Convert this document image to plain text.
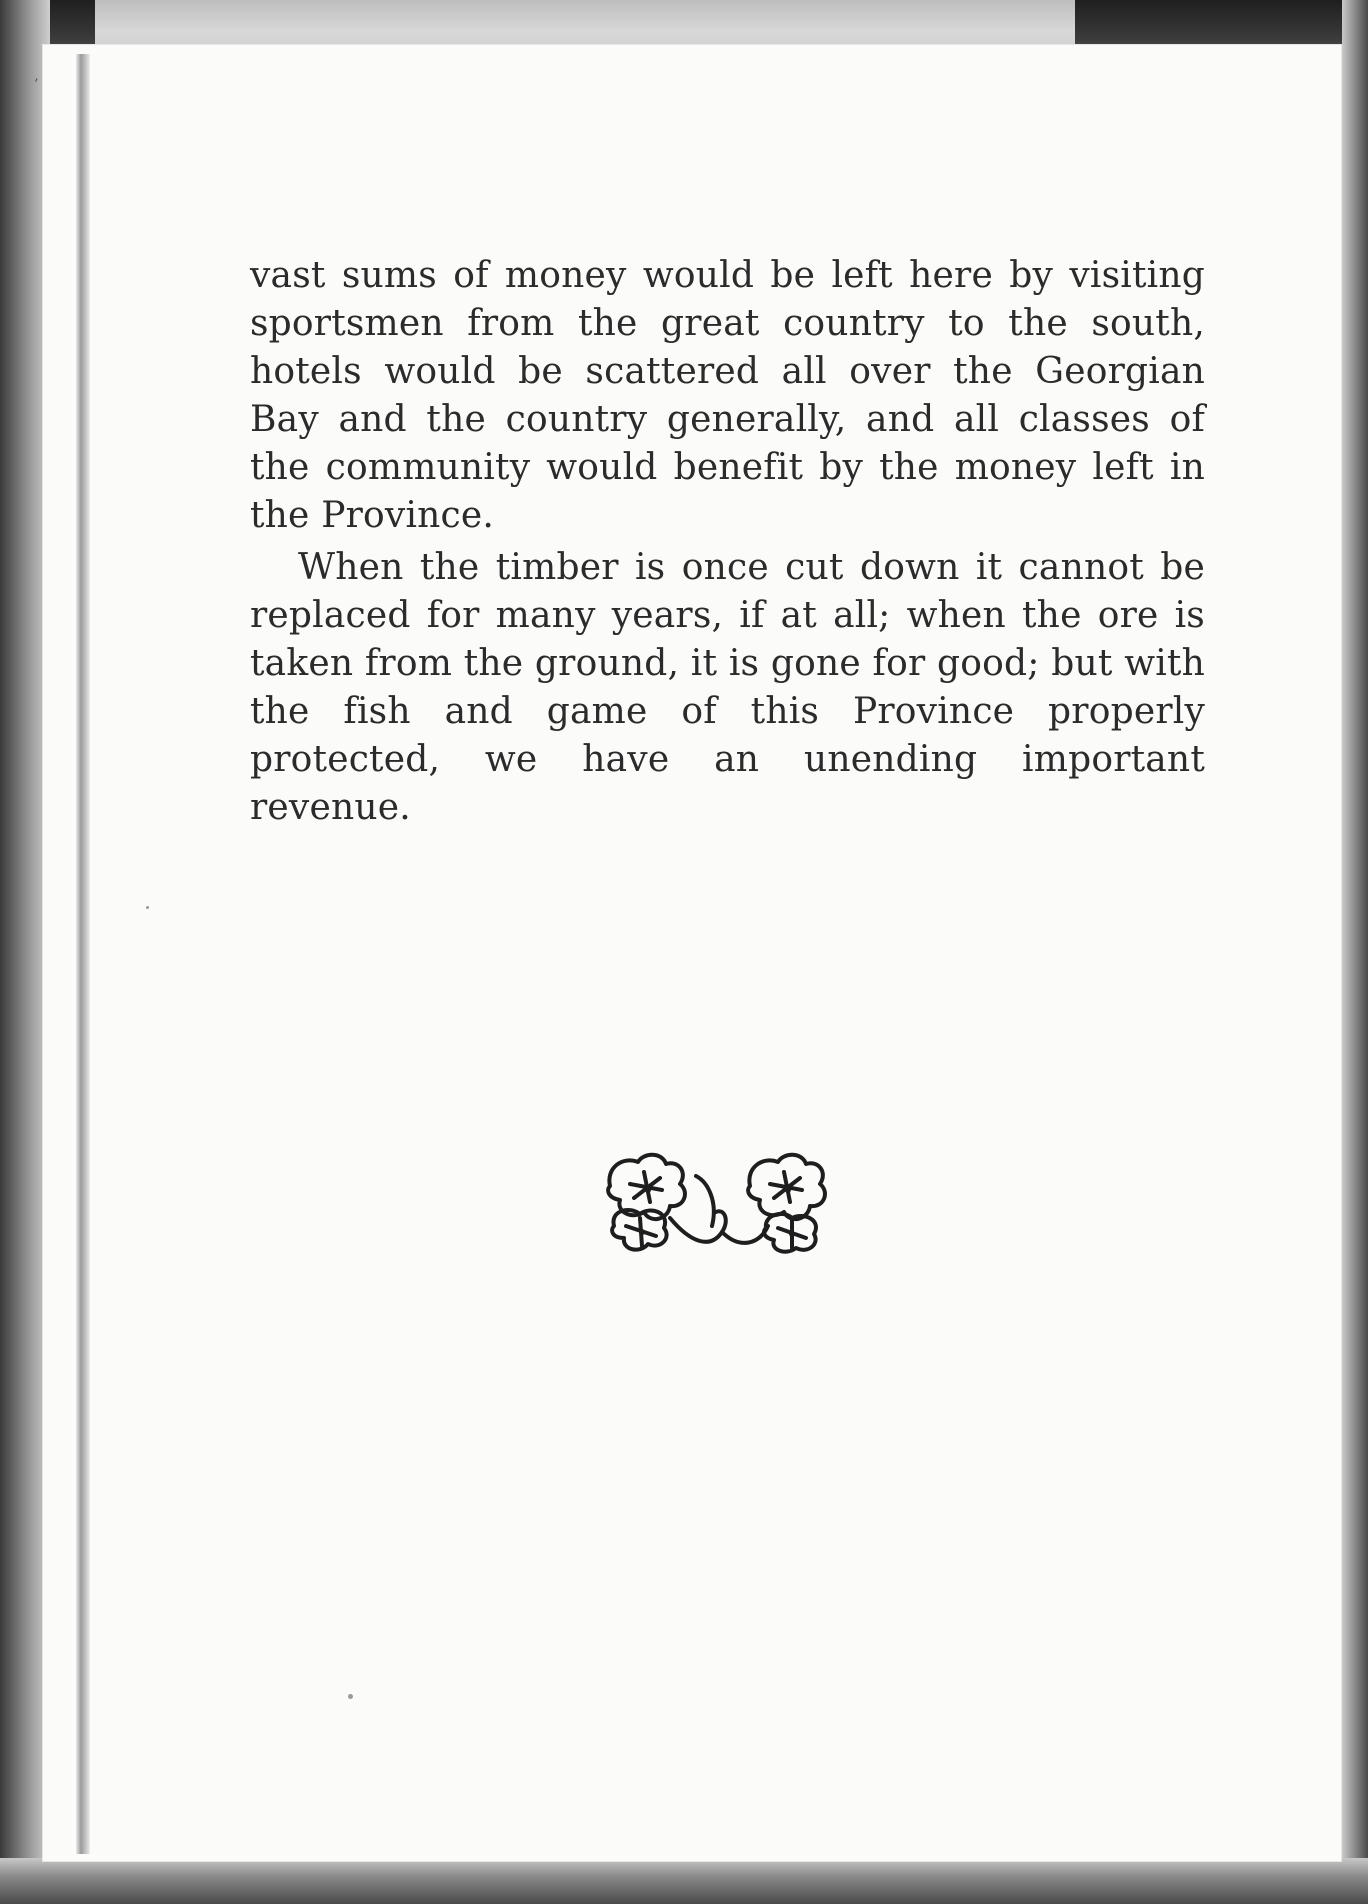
’

vast sums of money would be left here by visiting sportsmen from the great country to the south, hotels would be scattered all over the Georgian Bay and the country generally, and all classes of the community would benefit by the money left in the Province.

When the timber is once cut down it cannot be replaced for many years, if at all; when the ore is taken from the ground, it is gone for good; but with the fish and game of this Province properly protected, we have an unending important revenue.
